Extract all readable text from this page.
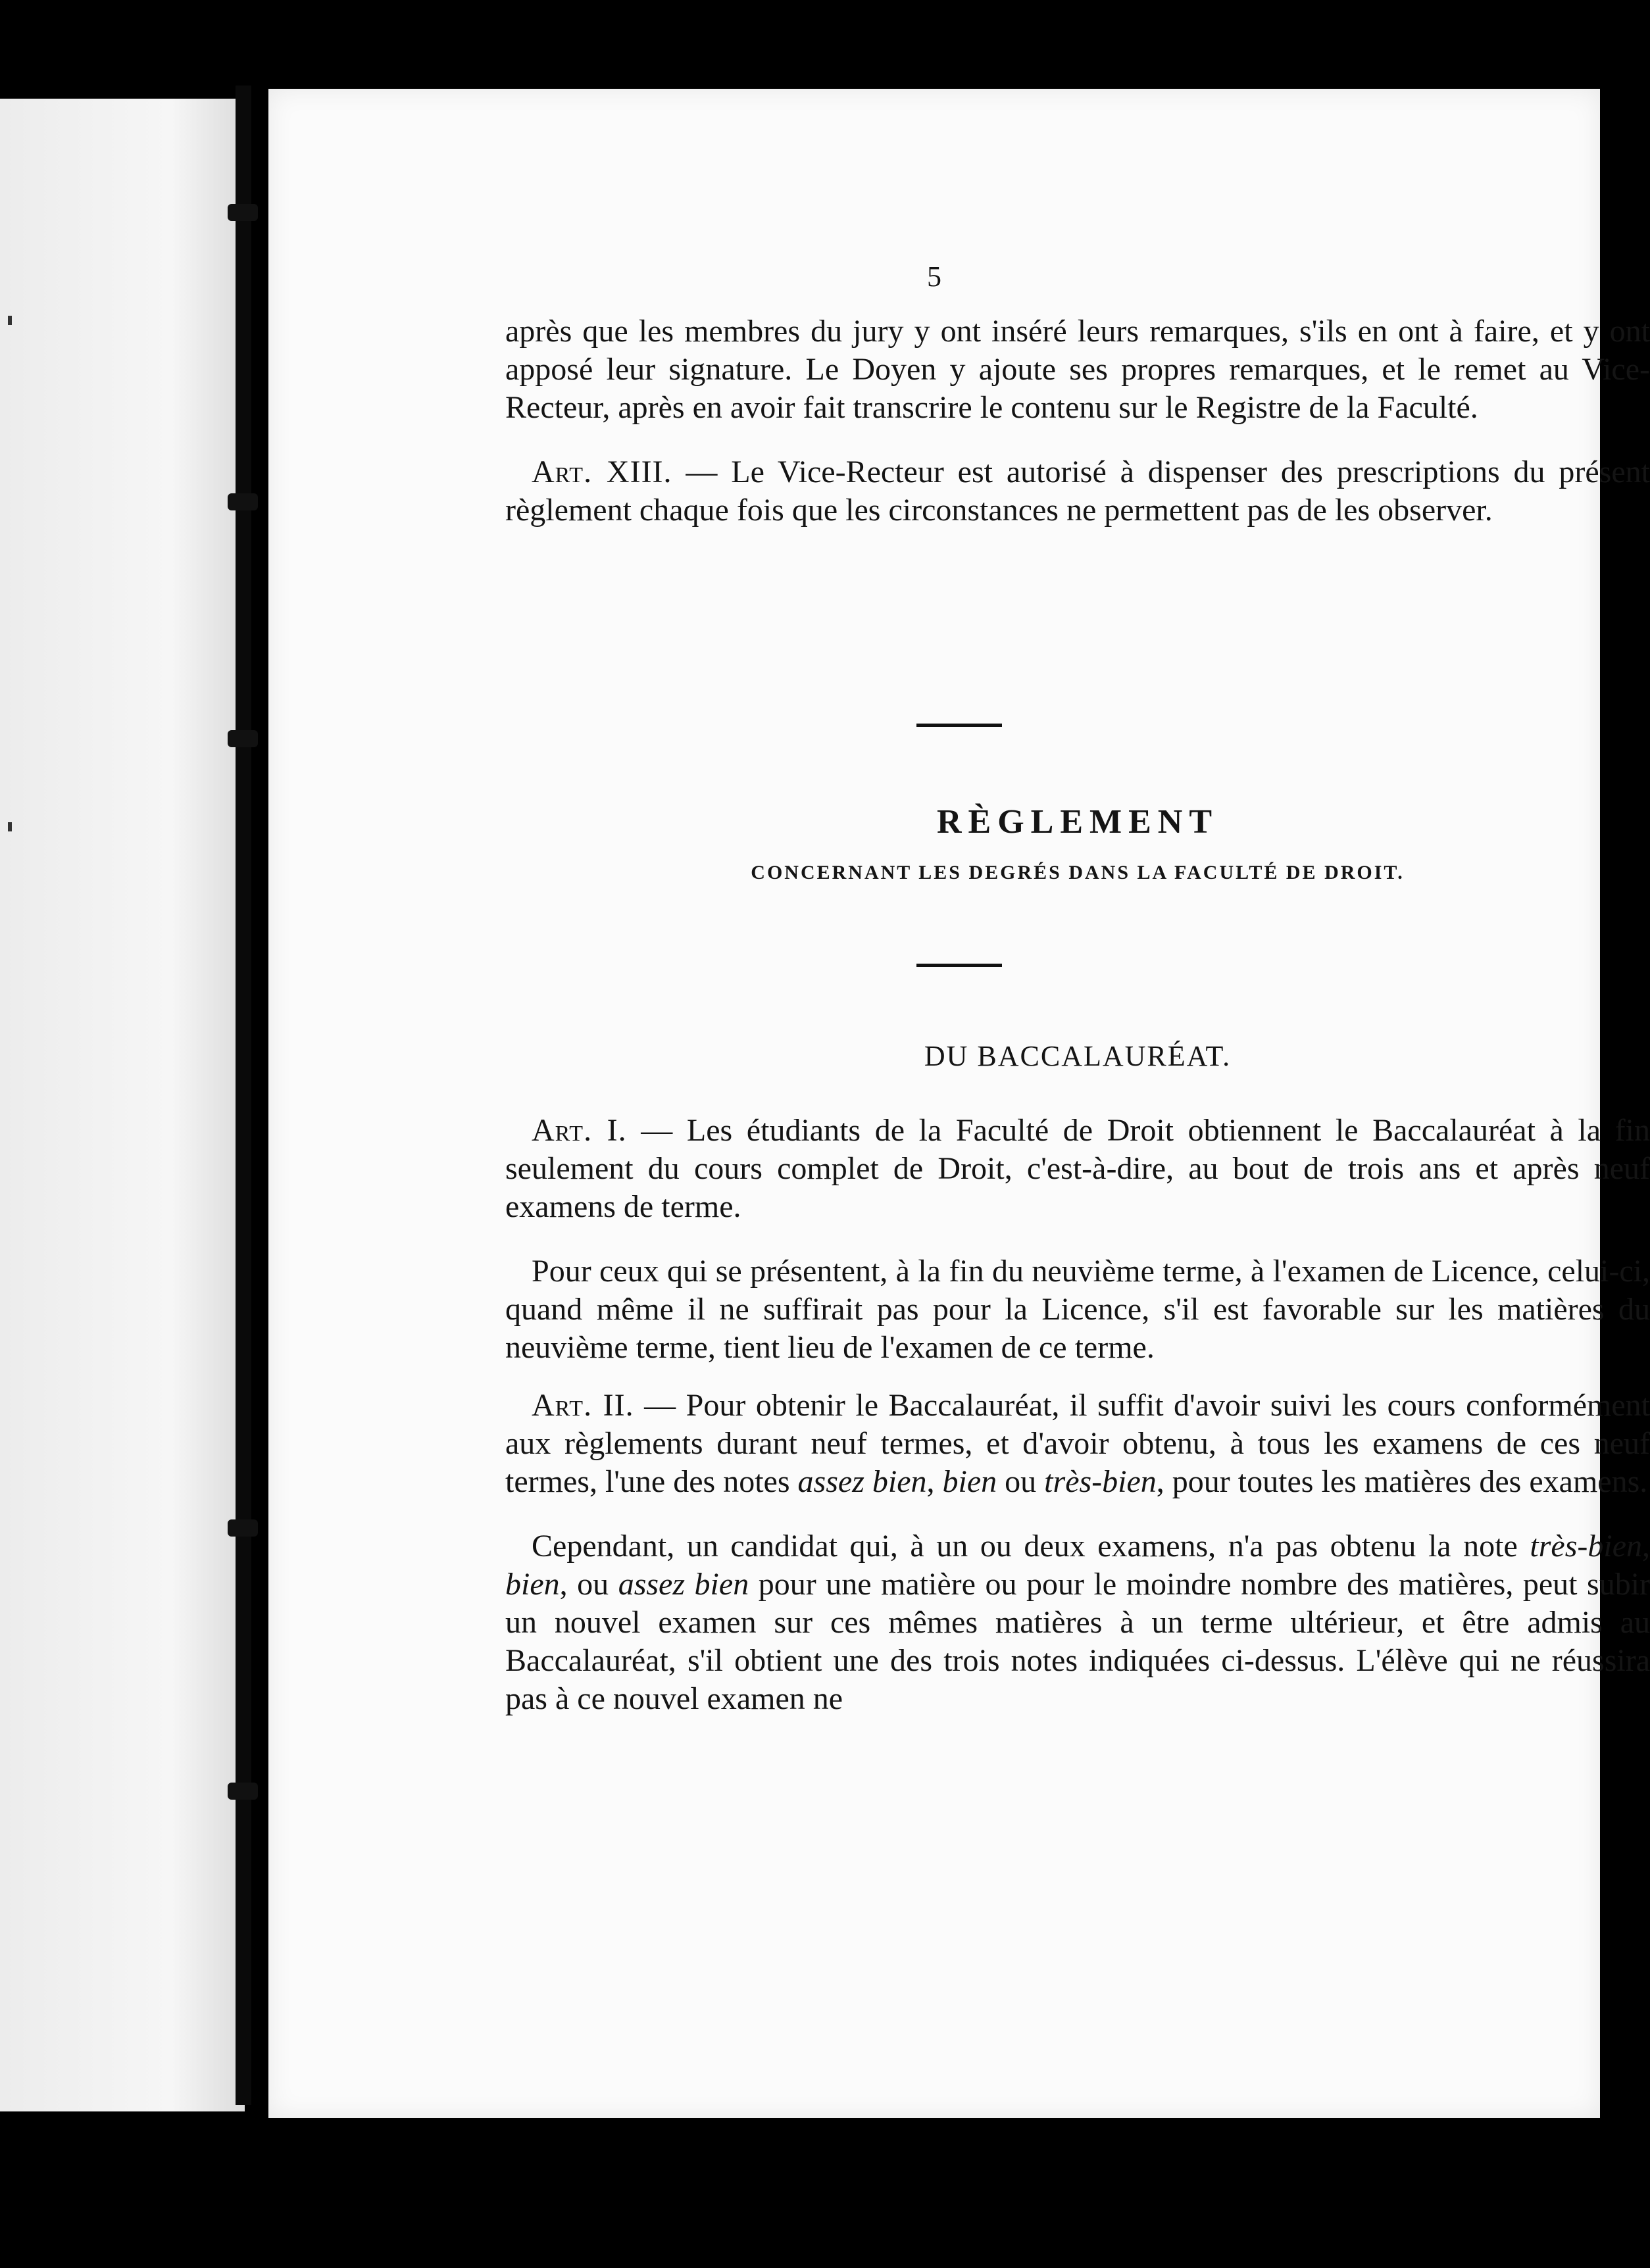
5

après que les membres du jury y ont inséré leurs remarques, s'ils en ont à faire, et y ont apposé leur signature. Le Doyen y ajoute ses propres remarques, et le remet au Vice-Recteur, après en avoir fait transcrire le contenu sur le Registre de la Faculté.

Art. XIII. — Le Vice-Recteur est autorisé à dispenser des prescriptions du présent règlement chaque fois que les circonstances ne permettent pas de les observer.

RÈGLEMENT
CONCERNANT LES DEGRÉS DANS LA FACULTÉ DE DROIT.
DU BACCALAURÉAT.

Art. I. — Les étudiants de la Faculté de Droit obtiennent le Baccalauréat à la fin seulement du cours complet de Droit, c'est-à-dire, au bout de trois ans et après neuf examens de terme.

Pour ceux qui se présentent, à la fin du neuvième terme, à l'examen de Licence, celui-ci, quand même il ne suffirait pas pour la Licence, s'il est favorable sur les matières du neuvième terme, tient lieu de l'examen de ce terme.

Art. II. — Pour obtenir le Baccalauréat, il suffit d'avoir suivi les cours conformément aux règlements durant neuf termes, et d'avoir obtenu, à tous les examens de ces neuf termes, l'une des notes assez bien, bien ou très-bien, pour toutes les matières des examens.

Cependant, un candidat qui, à un ou deux examens, n'a pas obtenu la note très-bien, bien, ou assez bien pour une matière ou pour le moindre nombre des matières, peut subir un nouvel examen sur ces mêmes matières à un terme ultérieur, et être admis au Baccalauréat, s'il obtient une des trois notes indiquées ci-dessus. L'élève qui ne réussira pas à ce nouvel examen ne
